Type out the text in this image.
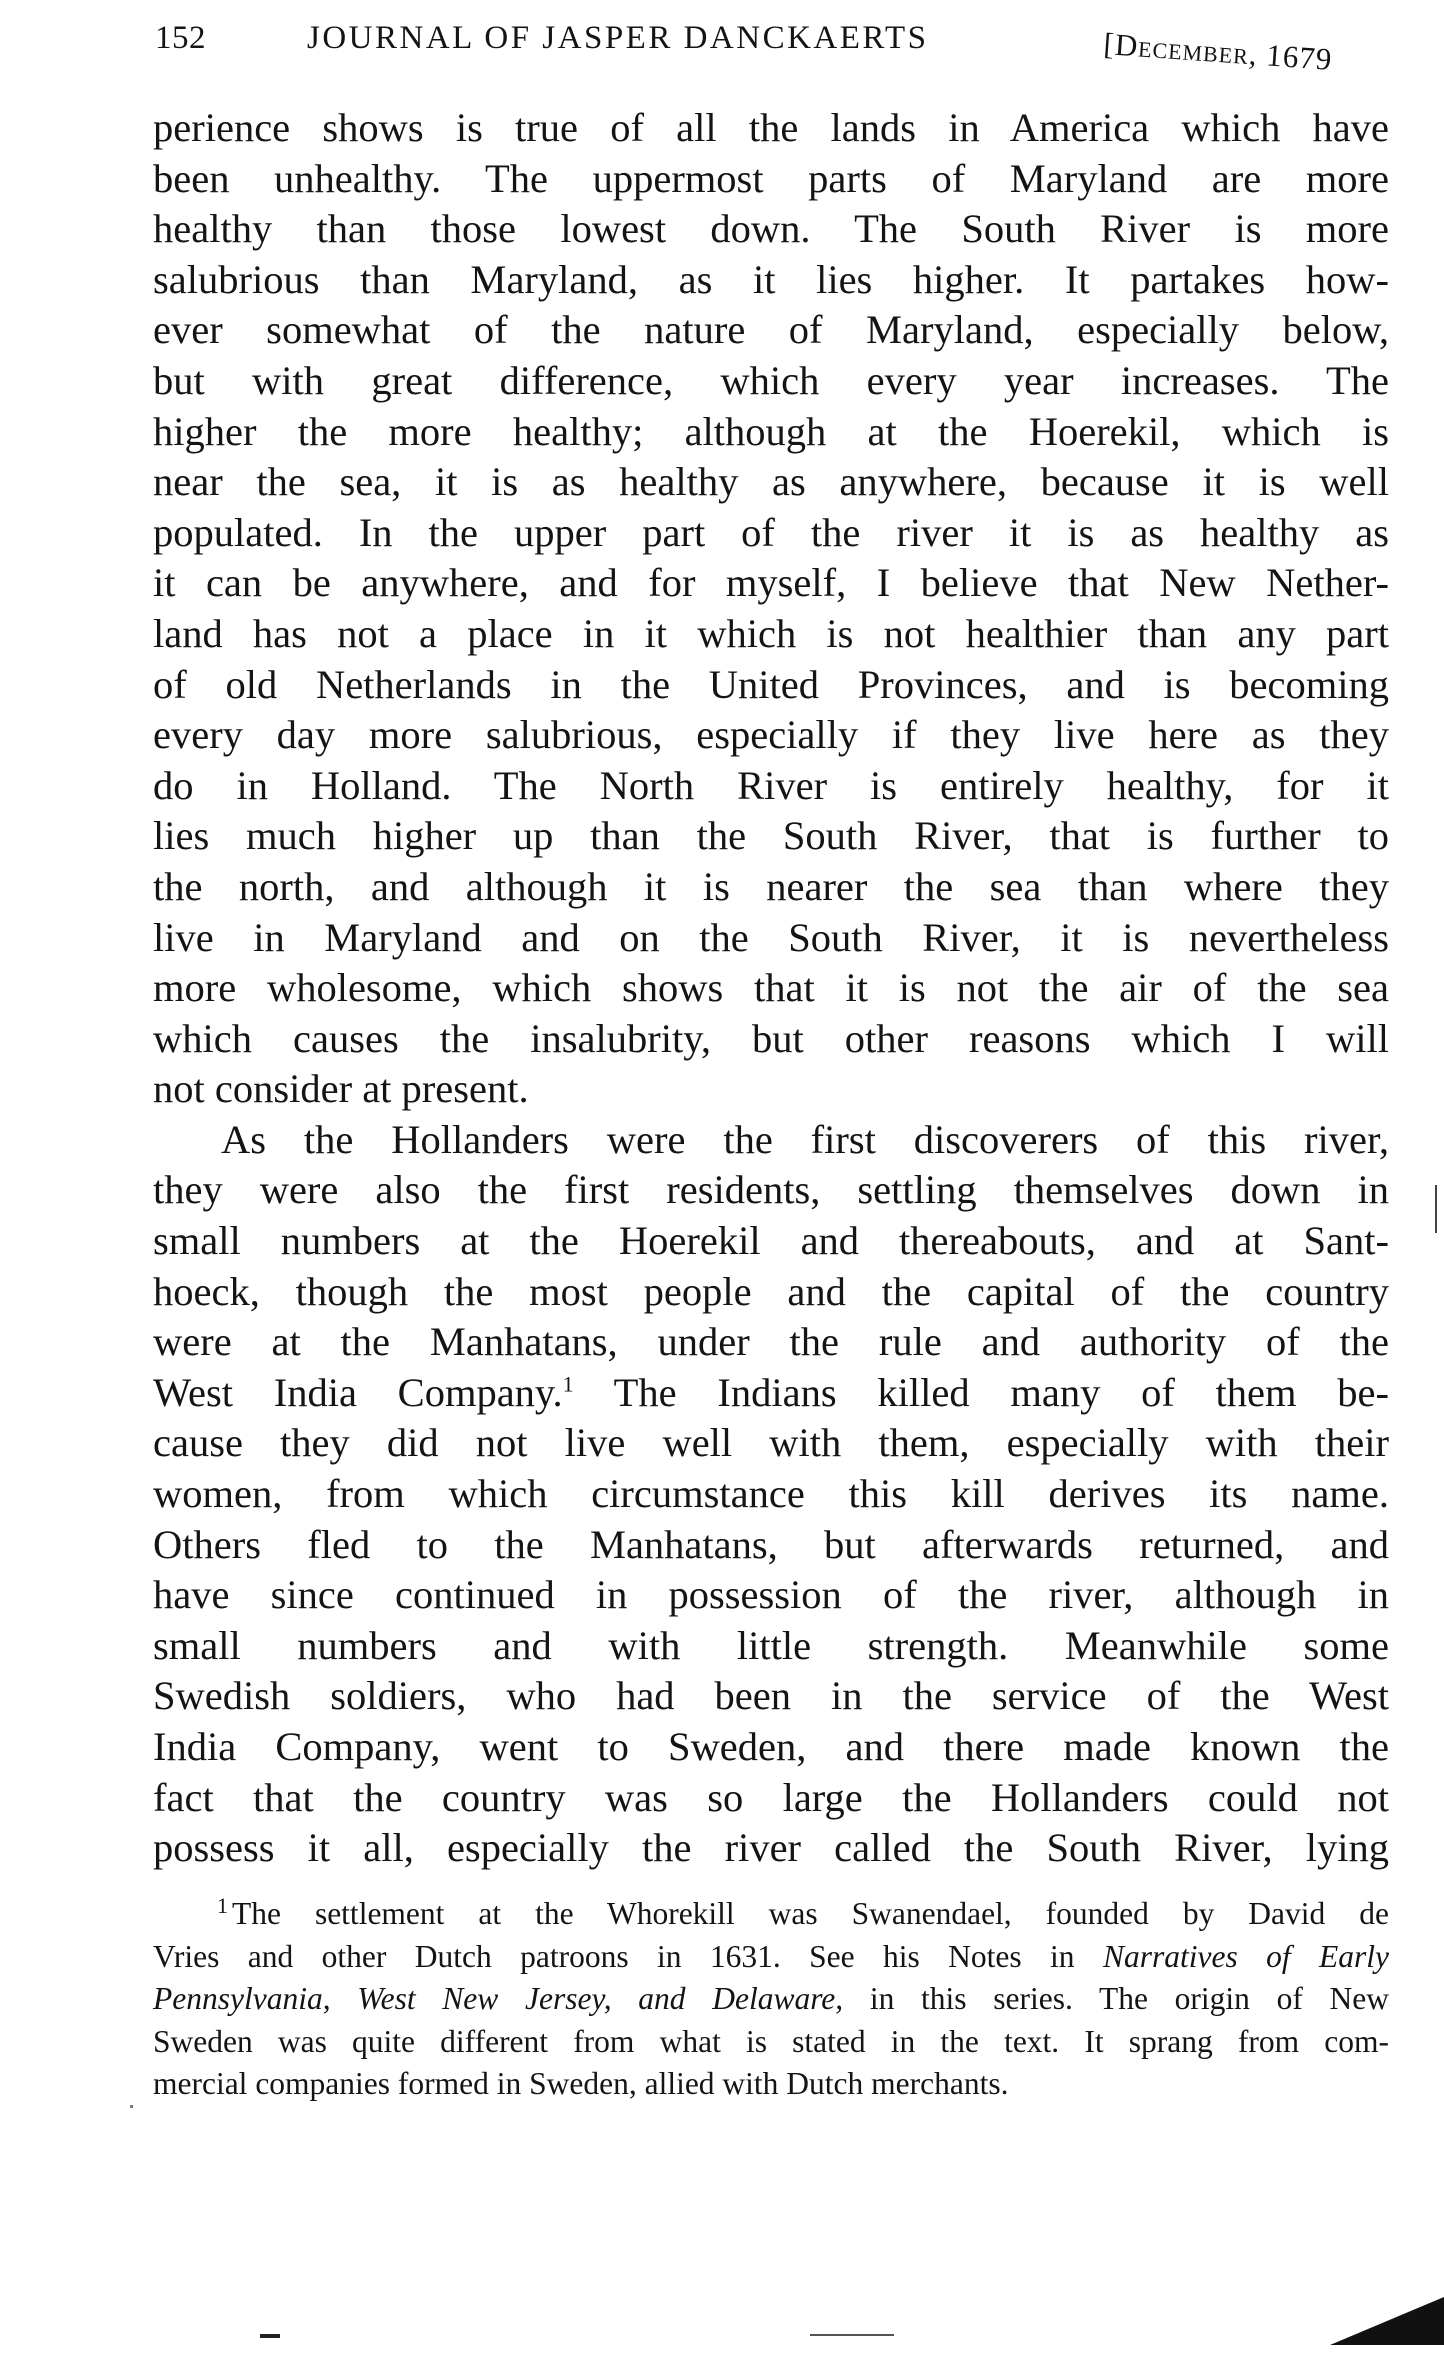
152	JOURNAL OF JASPER DANCKAERTS	[December, 1679
perience shows is true of all the lands in America which have
been unhealthy. The uppermost parts of Maryland are more
healthy than those lowest down. The South River is more
salubrious than Maryland, as it lies higher. It partakes how-
ever somewhat of the nature of Maryland, especially below,
but with great difference, which every year increases. The
higher the more healthy; although at the Hoerekil, which is
near the sea, it is as healthy as anywhere, because it is well
populated. In the upper part of the river it is as healthy as
it can be anywhere, and for myself, I believe that New Nether-
land has not a place in it which is not healthier than any part
of old Netherlands in the United Provinces, and is becoming
every day more salubrious, especially if they live here as they
do in Holland. The North River is entirely healthy, for it
lies much higher up than the South River, that is further to
the north, and although it is nearer the sea than where they
live in Maryland and on the South River, it is nevertheless
more wholesome, which shows that it is not the air of the sea
which causes the insalubrity, but other reasons which I will
not consider at present.
As the Hollanders were the first discoverers of this river,
they were also the first residents, settling themselves down in
small numbers at the Hoerekil and thereabouts, and at Sant-
hoeck, though the most people and the capital of the country
were at the Manhatans, under the rule and authority of the
West India Company.$^1$ The Indians killed many of them be-
cause they did not live well with them, especially with their
women, from which circumstance this kill derives its name.
Others fled to the Manhatans, but afterwards returned, and
have since continued in possession of the river, although in
small numbers and with little strength. Meanwhile some
Swedish soldiers, who had been in the service of the West
India Company, went to Sweden, and there made known the
fact that the country was so large the Hollanders could not
possess it all, especially the river called the South River, lying
$^1$ The settlement at the Whorekill was Swanendael, founded by David de
Vries and other Dutch patroons in 1631. See his Notes in Narratives of Early
Pennsylvania, West New Jersey, and Delaware, in this series. The origin of New
Sweden was quite different from what is stated in the text. It sprang from com-
mercial companies formed in Sweden, allied with Dutch merchants.
